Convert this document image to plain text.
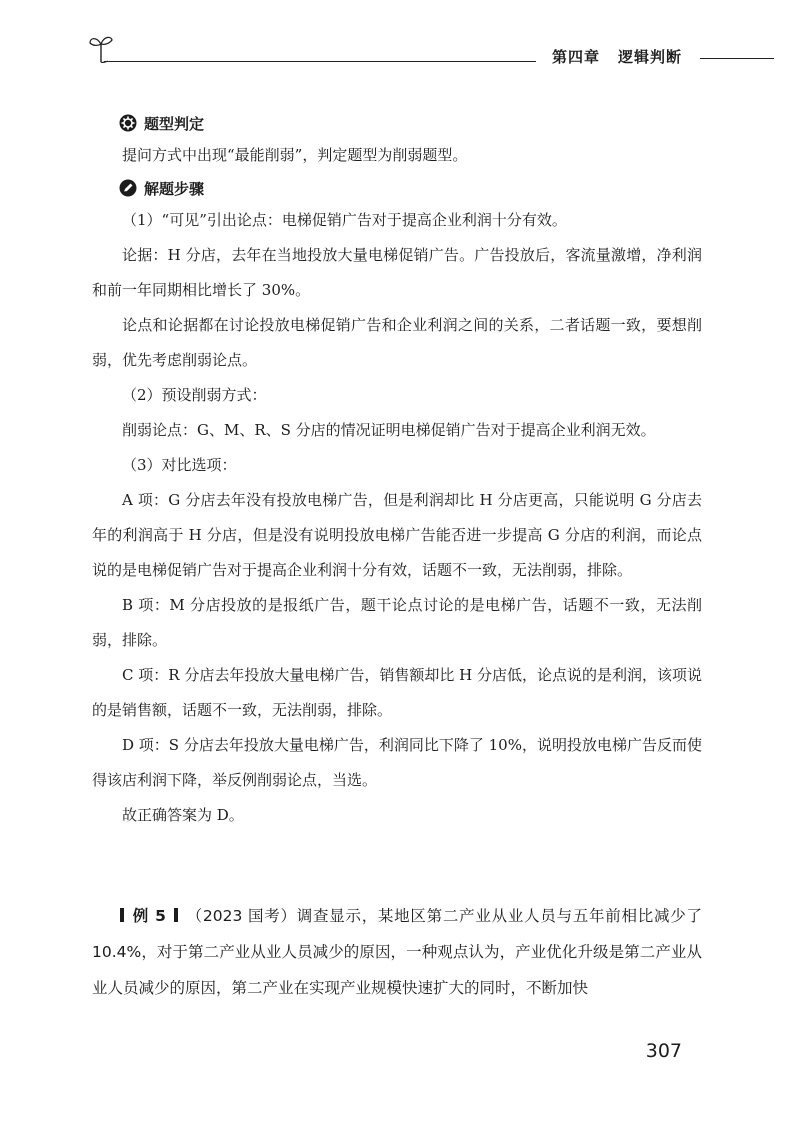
第四章 逻辑判断
题型判定

提问方式中出现“最能削弱”，判定题型为削弱题型。

解题步骤

（1）“可见”引出论点：电梯促销广告对于提高企业利润十分有效。

论据：H 分店，去年在当地投放大量电梯促销广告。广告投放后，客流量激增，净利润和前一年同期相比增长了 30%。

论点和论据都在讨论投放电梯促销广告和企业利润之间的关系，二者话题一致，要想削弱，优先考虑削弱论点。

（2）预设削弱方式：

削弱论点：G、M、R、S 分店的情况证明电梯促销广告对于提高企业利润无效。

（3）对比选项：

A 项：G 分店去年没有投放电梯广告，但是利润却比 H 分店更高，只能说明 G 分店去年的利润高于 H 分店，但是没有说明投放电梯广告能否进一步提高 G 分店的利润，而论点说的是电梯促销广告对于提高企业利润十分有效，话题不一致，无法削弱，排除。

B 项：M 分店投放的是报纸广告，题干论点讨论的是电梯广告，话题不一致，无法削弱，排除。

C 项：R 分店去年投放大量电梯广告，销售额却比 H 分店低，论点说的是利润，该项说的是销售额，话题不一致，无法削弱，排除。

D 项：S 分店去年投放大量电梯广告，利润同比下降了 10%，说明投放电梯广告反而使得该店利润下降，举反例削弱论点，当选。

故正确答案为 D。

例 5 （2023 国考）调查显示，某地区第二产业从业人员与五年前相比减少了 10.4%，对于第二产业从业人员减少的原因，一种观点认为，产业优化升级是第二产业从业人员减少的原因，第二产业在实现产业规模快速扩大的同时，不断加快
307
